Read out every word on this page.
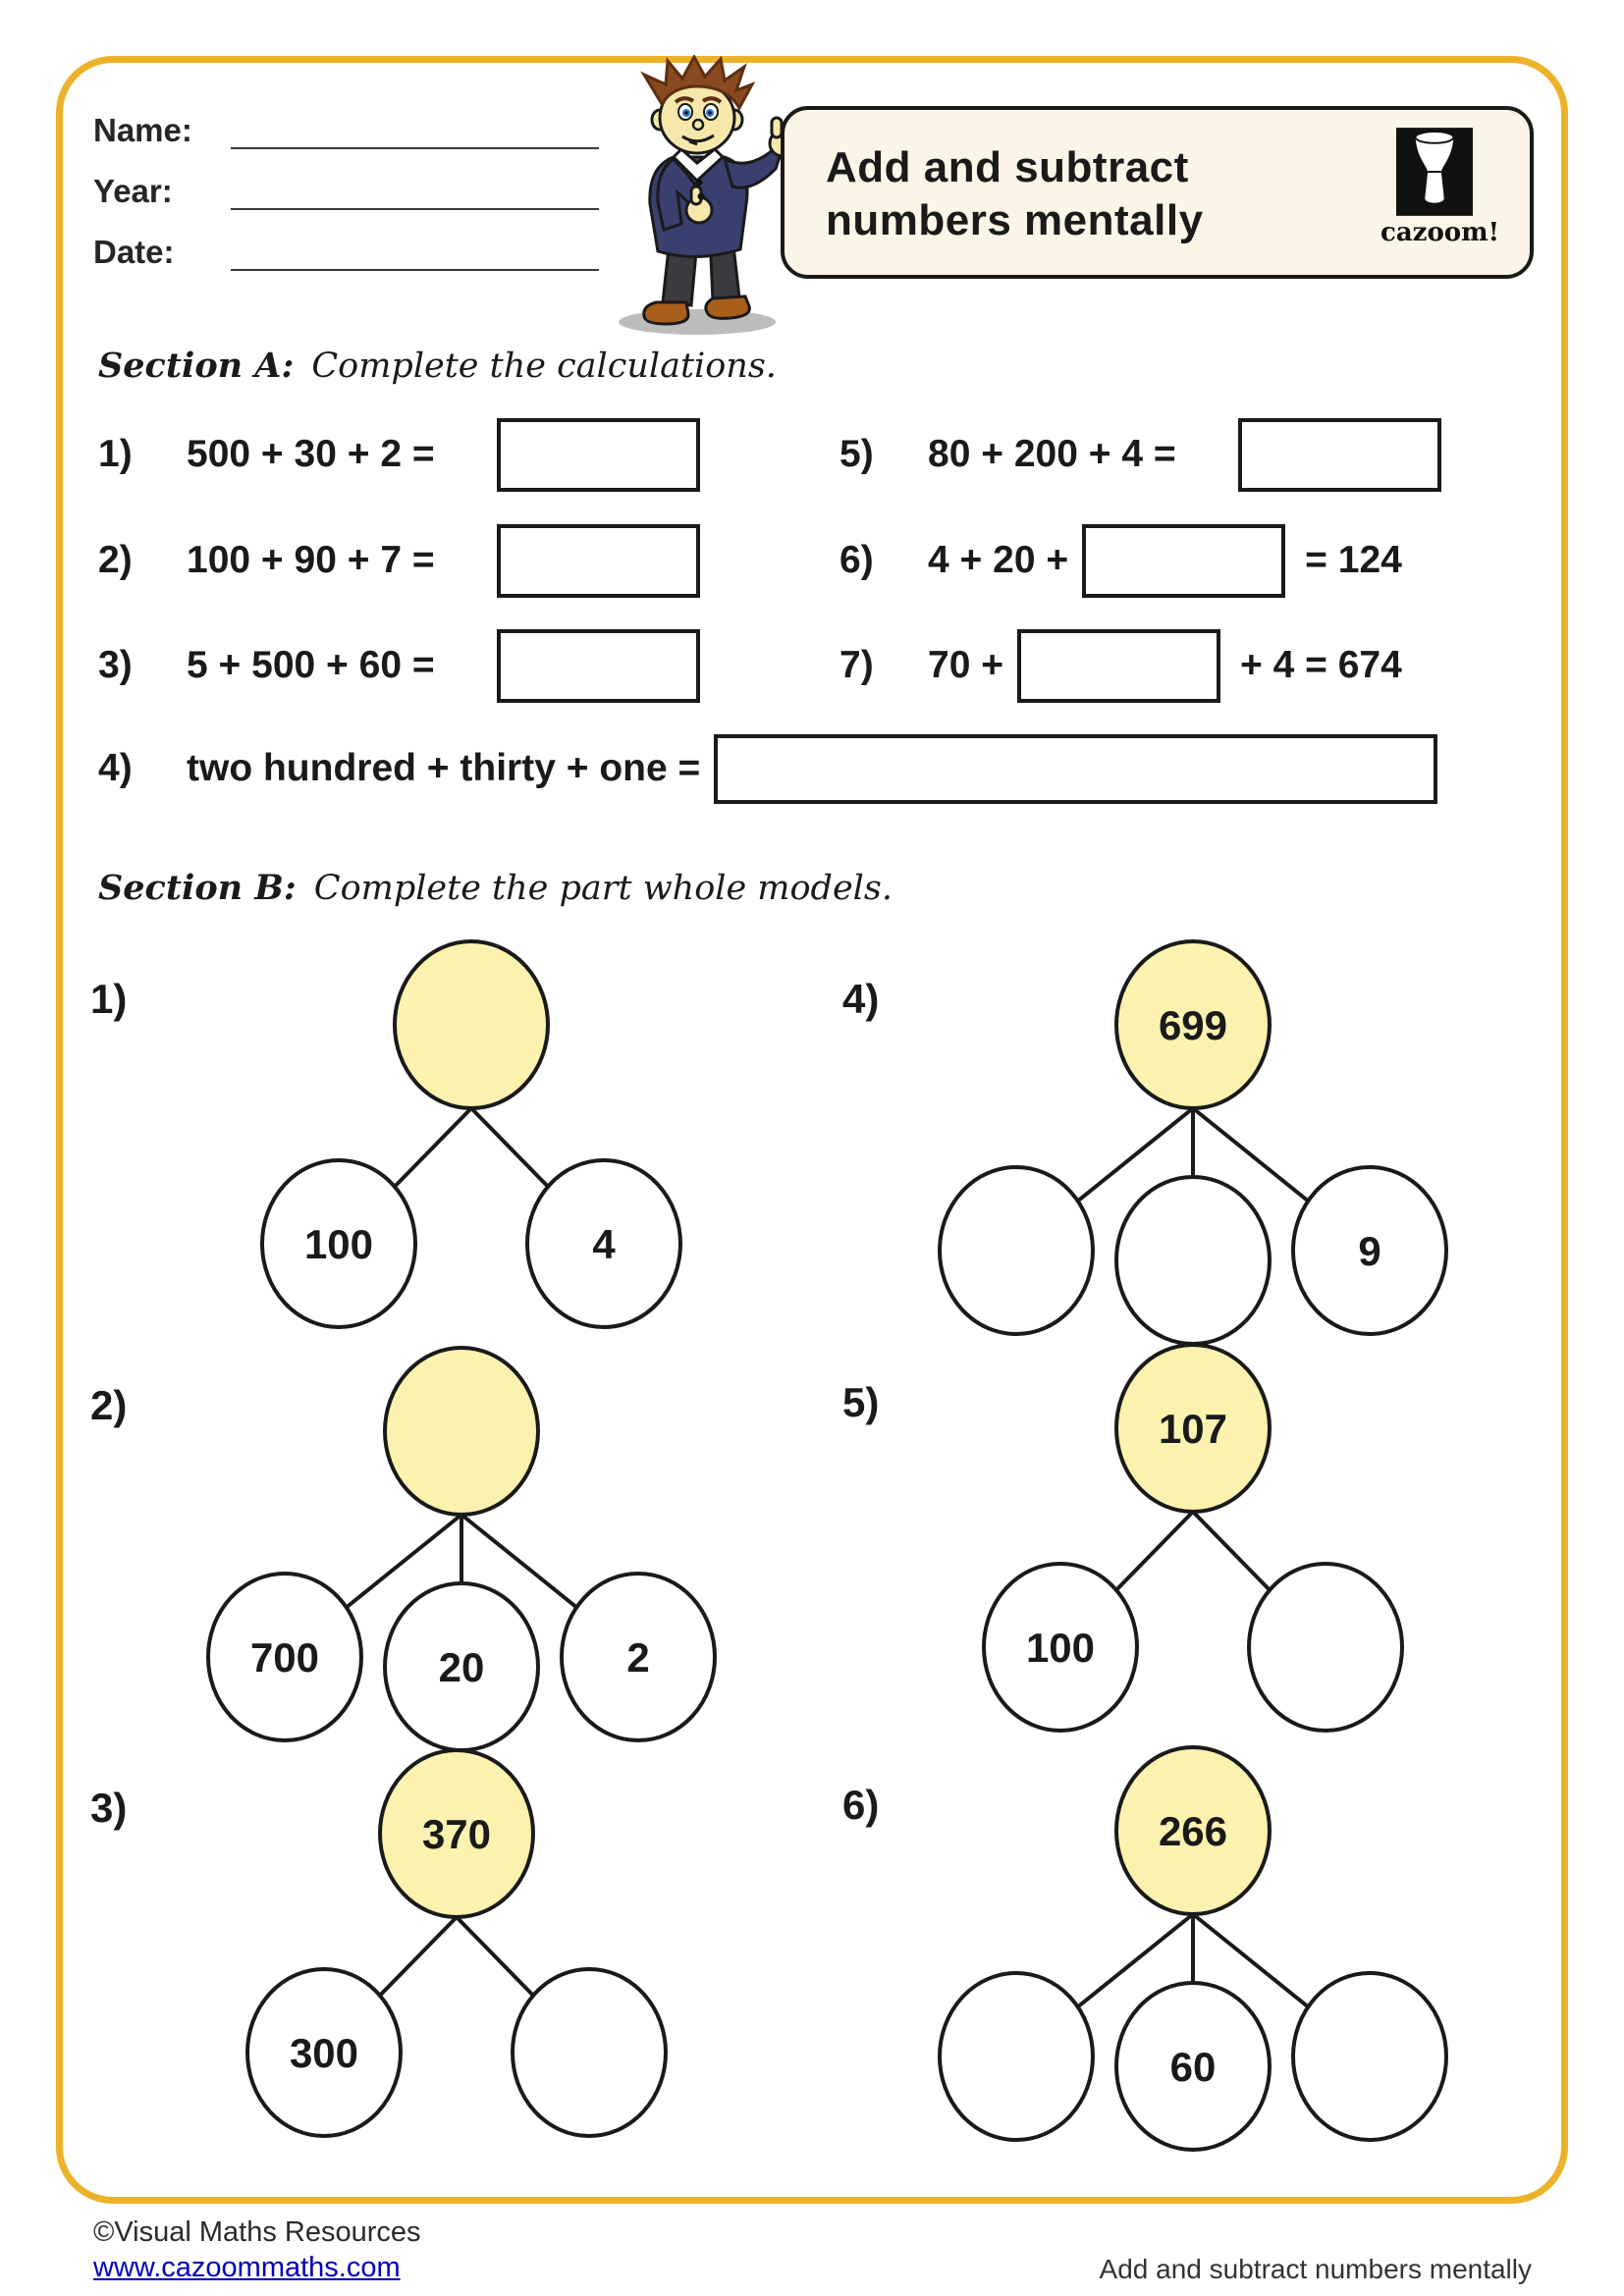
Name:
Year:
Date:
Add and subtract
numbers mentally	cazoom!
Section A: Complete the calculations.
1)	500 + 30 + 2 =
2)	100 + 90 + 7 =
3)	5 + 500 + 60 =
4)	two hundred + thirty + one =
5)	80 + 200 + 4 =
6)	4 + 20 +	= 124
7)	70 +	+ 4 = 674
Section B: Complete the part whole models.
1)
100	4
2)
700	20	2
3)
370
300
4)
699
9
5)
107
100
6)
266
60
©Visual Maths Resources
www.cazoommaths.com	Add and subtract numbers mentally
